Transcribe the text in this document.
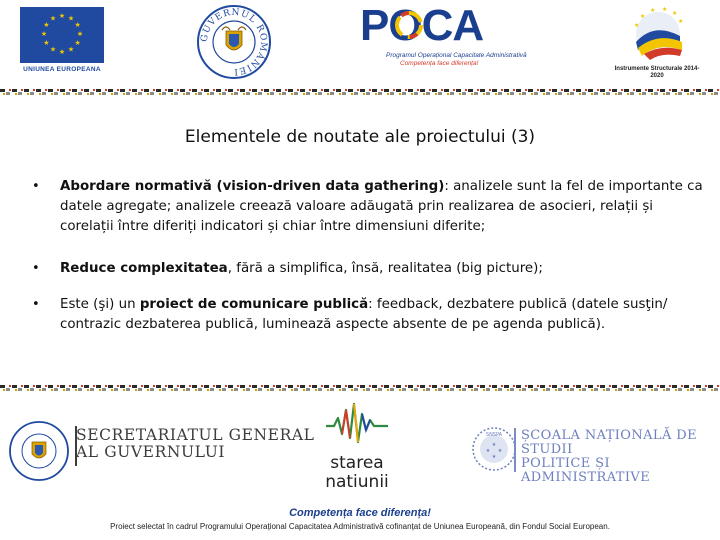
★ ★
★
★
★
★
★
★
★
★
★
★
UNIUNEA EUROPEANA
GUVERNUL ROMÂNIEI
POCA
Programul Operațional Capacitate Administrativă
Competența face diferența!
★
★ ★
★
★
★
Instrumente Structurale 2014-2020
Elementele de noutate ale proiectului (3)
• Abordare normativă (vision-driven data gathering): analizele sunt la fel de importante ca datele agregate; analizele creează valoare adăugată prin realizarea de asocieri, relații și corelații între diferiți indicatori și chiar între dimensiuni diferite;
• Reduce complexitatea, fără a simplifica, însă, realitatea (big picture);
• Este (şi) un proiect de comunicare publică: feedback, dezbatere publică (datele susţin/ contrazic dezbaterea publică, luminează aspecte absente de pe agenda publică).
SECRETARIATUL GENERAL
AL GUVERNULUI
starea
natiunii
SNSPA
★
★ ★
★
ȘCOALA NAȚIONALĂ DE STUDII
POLITICE ȘI ADMINISTRATIVE
Competența face diferența!
Proiect selectat în cadrul Programului Operațional Capacitatea Administrativă cofinanțat de Uniunea Europeană, din Fondul Social European.
